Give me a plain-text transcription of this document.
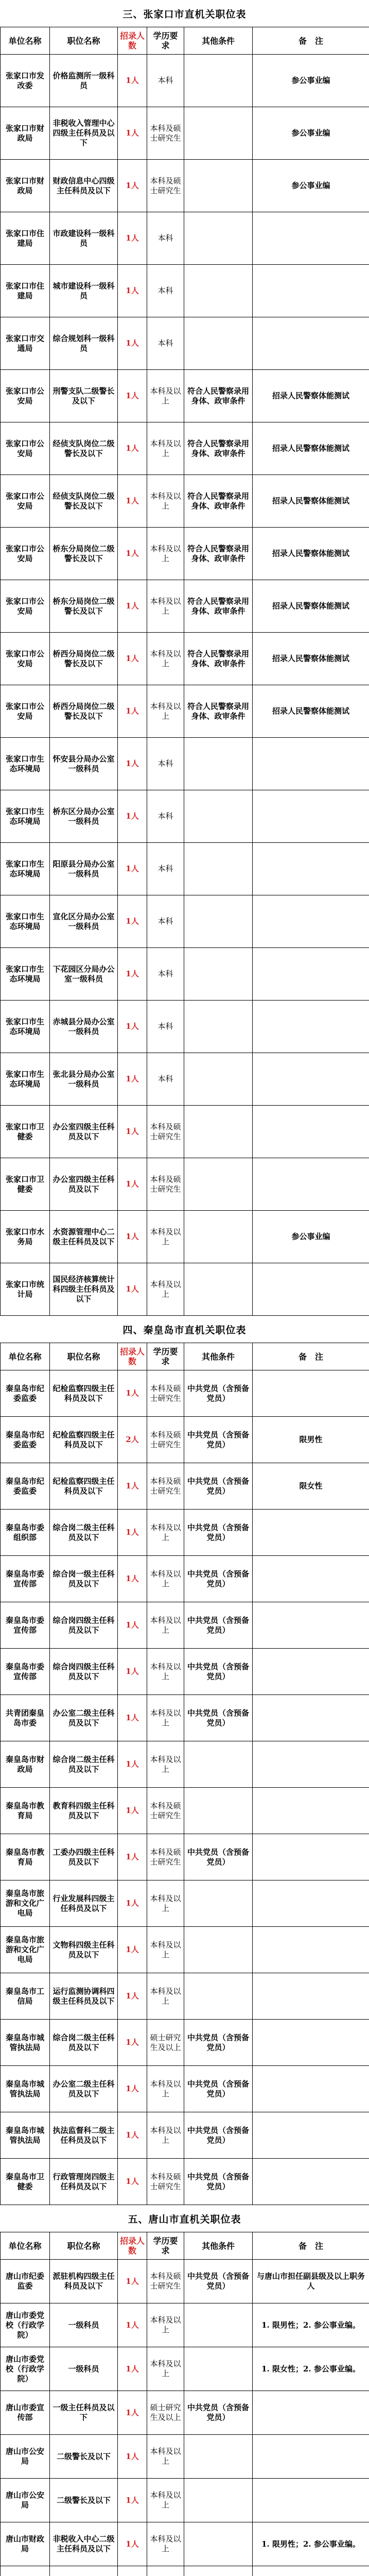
三、张家口市直机关职位表
单位名称	职位名称	招录人数	学历要求	其他条件	备　注
张家口市发改委	价格监测所一级科员	1人	本科		参公事业编
张家口市财政局	非税收入管理中心四级主任科员及以下	1人	本科及硕士研究生		参公事业编
张家口市财政局	财政信息中心四级主任科员及以下	1人	本科及硕士研究生		参公事业编
张家口市住建局	市政建设科一级科员	1人	本科		
张家口市住建局	城市建设科一级科员	1人	本科		
张家口市交通局	综合规划科一级科员	1人	本科		
张家口市公安局	刑警支队二级警长及以下	1人	本科及以上	符合人民警察录用身体、政审条件	招录人民警察体能测试
张家口市公安局	经侦支队岗位二级警长及以下	1人	本科及以上	符合人民警察录用身体、政审条件	招录人民警察体能测试
张家口市公安局	经侦支队岗位二级警长及以下	1人	本科及以上	符合人民警察录用身体、政审条件	招录人民警察体能测试
张家口市公安局	桥东分局岗位二级警长及以下	1人	本科及以上	符合人民警察录用身体、政审条件	招录人民警察体能测试
张家口市公安局	桥东分局岗位二级警长及以下	1人	本科及以上	符合人民警察录用身体、政审条件	招录人民警察体能测试
张家口市公安局	桥西分局岗位二级警长及以下	1人	本科及以上	符合人民警察录用身体、政审条件	招录人民警察体能测试
张家口市公安局	桥西分局岗位二级警长及以下	1人	本科及以上	符合人民警察录用身体、政审条件	招录人民警察体能测试
张家口市生态环境局	怀安县分局办公室一级科员	1人	本科		
张家口市生态环境局	桥东区分局办公室一级科员	1人	本科		
张家口市生态环境局	阳原县分局办公室一级科员	1人	本科		
张家口市生态环境局	宣化区分局办公室一级科员	1人	本科		
张家口市生态环境局	下花园区分局办公室一级科员	1人	本科		
张家口市生态环境局	赤城县分局办公室一级科员	1人	本科		
张家口市生态环境局	张北县分局办公室一级科员	1人	本科		
张家口市卫健委	办公室四级主任科员及以下	1人	本科及硕士研究生		
张家口市卫健委	办公室四级主任科员及以下	1人	本科及硕士研究生		
张家口市水务局	水资源管理中心二级主任科员及以下	1人	本科及以上		参公事业编
张家口市统计局	国民经济核算统计科四级主任科员及以下	1人	本科及以上		
四、秦皇岛市直机关职位表
单位名称	职位名称	招录人数	学历要求	其他条件	备　注
秦皇岛市纪委监委	纪检监察四级主任科员及以下	1人	本科及硕士研究生	中共党员（含预备党员）	
秦皇岛市纪委监委	纪检监察四级主任科员及以下	2人	本科及硕士研究生	中共党员（含预备党员）	限男性
秦皇岛市纪委监委	纪检监察四级主任科员及以下	1人	本科及硕士研究生	中共党员（含预备党员）	限女性
秦皇岛市委组织部	综合岗二级主任科员及以下	1人	本科及以上	中共党员（含预备党员）	
秦皇岛市委宣传部	综合岗一级主任科员及以下	1人	本科及以上	中共党员（含预备党员）	
秦皇岛市委宣传部	综合岗四级主任科员及以下	1人	本科及以上	中共党员（含预备党员）	
秦皇岛市委宣传部	综合岗四级主任科员及以下	1人	本科及以上	中共党员（含预备党员）	
共青团秦皇岛市委	办公室二级主任科员及以下	1人	本科及以上	中共党员（含预备党员）	
秦皇岛市财政局	综合岗二级主任科员及以下	1人	本科及以上		
秦皇岛市教育局	教育科四级主任科员及以下	1人	本科及硕士研究生		
秦皇岛市教育局	工委办四级主任科员及以下	1人	本科及硕士研究生	中共党员（含预备党员）	
秦皇岛市旅游和文化广电局	行业发展科四级主任科员及以下	1人	本科及以上		
秦皇岛市旅游和文化广电局	文物科四级主任科员及以下	1人	本科及以上		
秦皇岛市工信局	运行监测协调科四级主任科员及以下	1人	本科及以上		
秦皇岛市城管执法局	综合岗二级主任科员及以下	1人	硕士研究生及以上	中共党员（含预备党员）	
秦皇岛市城管执法局	办公室二级主任科员及以下	1人	本科及以上	中共党员（含预备党员）	
秦皇岛市城管执法局	执法监督科二级主任科员及以下	1人	本科及以上	中共党员（含预备党员）	
秦皇岛市卫健委	行政管理岗四级主任科员及以下	1人	本科及硕士研究生	中共党员（含预备党员）	
五、唐山市直机关职位表
单位名称	职位名称	招录人数	学历要求	其他条件	备　注
唐山市纪委监委	派驻机构四级主任科员及以下	1人	本科及硕士研究生	中共党员（含预备党员）	与唐山市担任副县级及以上职务人
唐山市委党校（行政学院）	一级科员	1人	本科及以上		1. 限男性；2. 参公事业编。
唐山市委党校（行政学院）	一级科员	1人	本科及以上		1. 限女性；2. 参公事业编。
唐山市委宣传部	一级主任科员及以下	1人	硕士研究生及以上	中共党员（含预备党员）	
唐山市公安局	二级警长及以下	1人	本科及以上		
唐山市公安局	二级警长及以下	1人	本科及以上		
唐山市财政局	非税收入中心二级主任科员及以下	1人	本科及以上		1. 限男性；2. 参公事业编。
